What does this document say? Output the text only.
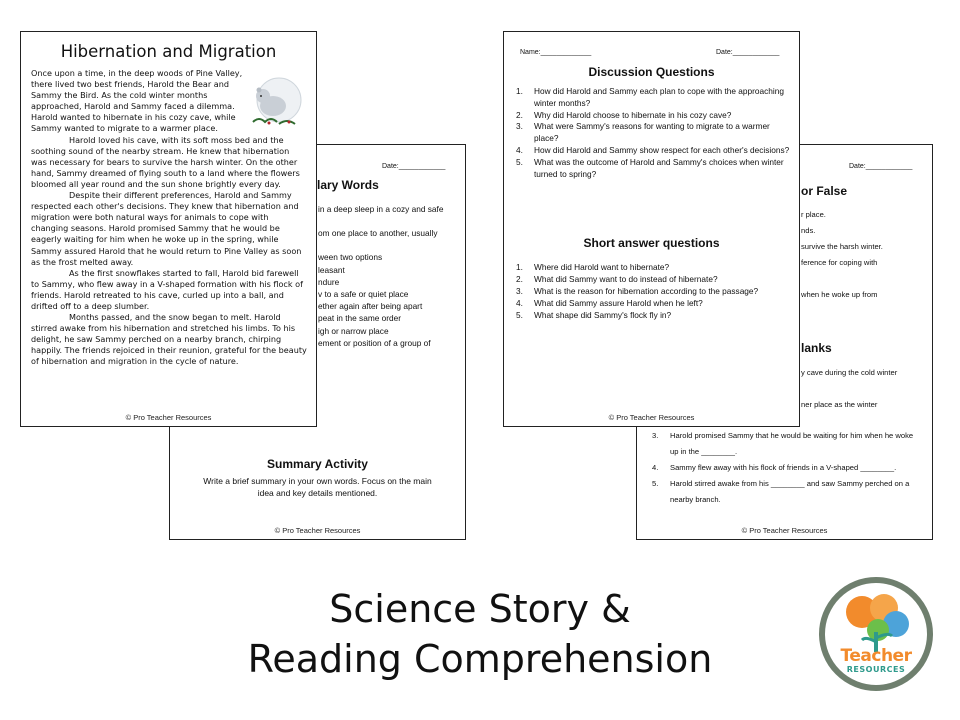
Date:____________
lary Words
in a deep sleep in a cozy and safe
om one place to another, usually
ween two options
leasant
ndure
v to a safe or quiet place
ether again after being apart
peat in the same order
igh or narrow place
ement or position of a group of
Summary Activity
Write a brief summary in your own words. Focus on the main idea and key details mentioned.
© Pro Teacher Resources
Date:____________
or False
r place.
nds.
survive the harsh winter.
ference for coping with
when he woke up from
lanks
y cave during the cold winter
ner place as the winter
3. Harold promised Sammy that he would be waiting for him when he woke up in the ________.
4. Sammy flew away with his flock of friends in a V-shaped ________.
5. Harold stirred awake from his ________ and saw Sammy perched on a nearby branch.
© Pro Teacher Resources
Hibernation and Migration

Once upon a time, in the deep woods of Pine Valley, there lived two best friends, Harold the Bear and Sammy the Bird. As the cold winter months approached, Harold and Sammy faced a dilemma. Harold wanted to hibernate in his cozy cave, while Sammy wanted to migrate to a warmer place.

Harold loved his cave, with its soft moss bed and the soothing sound of the nearby stream. He knew that hibernation was necessary for bears to survive the harsh winter. On the other hand, Sammy dreamed of flying south to a land where the flowers bloomed all year round and the sun shone brightly every day.

Despite their different preferences, Harold and Sammy respected each other's decisions. They knew that hibernation and migration were both natural ways for animals to cope with changing seasons. Harold promised Sammy that he would be eagerly waiting for him when he woke up in the spring, while Sammy assured Harold that he would return to Pine Valley as soon as the frost melted away.

As the first snowflakes started to fall, Harold bid farewell to Sammy, who flew away in a V-shaped formation with his flock of friends. Harold retreated to his cave, curled up into a ball, and drifted off to a deep slumber.

Months passed, and the snow began to melt. Harold stirred awake from his hibernation and stretched his limbs. To his delight, he saw Sammy perched on a nearby branch, chirping happily. The friends rejoiced in their reunion, grateful for the beauty of hibernation and migration in the cycle of nature.

© Pro Teacher Resources
Name:_____________	Date:____________
Discussion Questions
1. How did Harold and Sammy each plan to cope with the approaching winter months?
2. Why did Harold choose to hibernate in his cozy cave?
3. What were Sammy's reasons for wanting to migrate to a warmer place?
4. How did Harold and Sammy show respect for each other's decisions?
5. What was the outcome of Harold and Sammy's choices when winter turned to spring?
Short answer questions
1. Where did Harold want to hibernate?
2. What did Sammy want to do instead of hibernate?
3. What is the reason for hibernation according to the passage?
4. What did Sammy assure Harold when he left?
5. What shape did Sammy's flock fly in?
© Pro Teacher Resources
Science Story &
Reading Comprehension	Teacher
RESOURCES
